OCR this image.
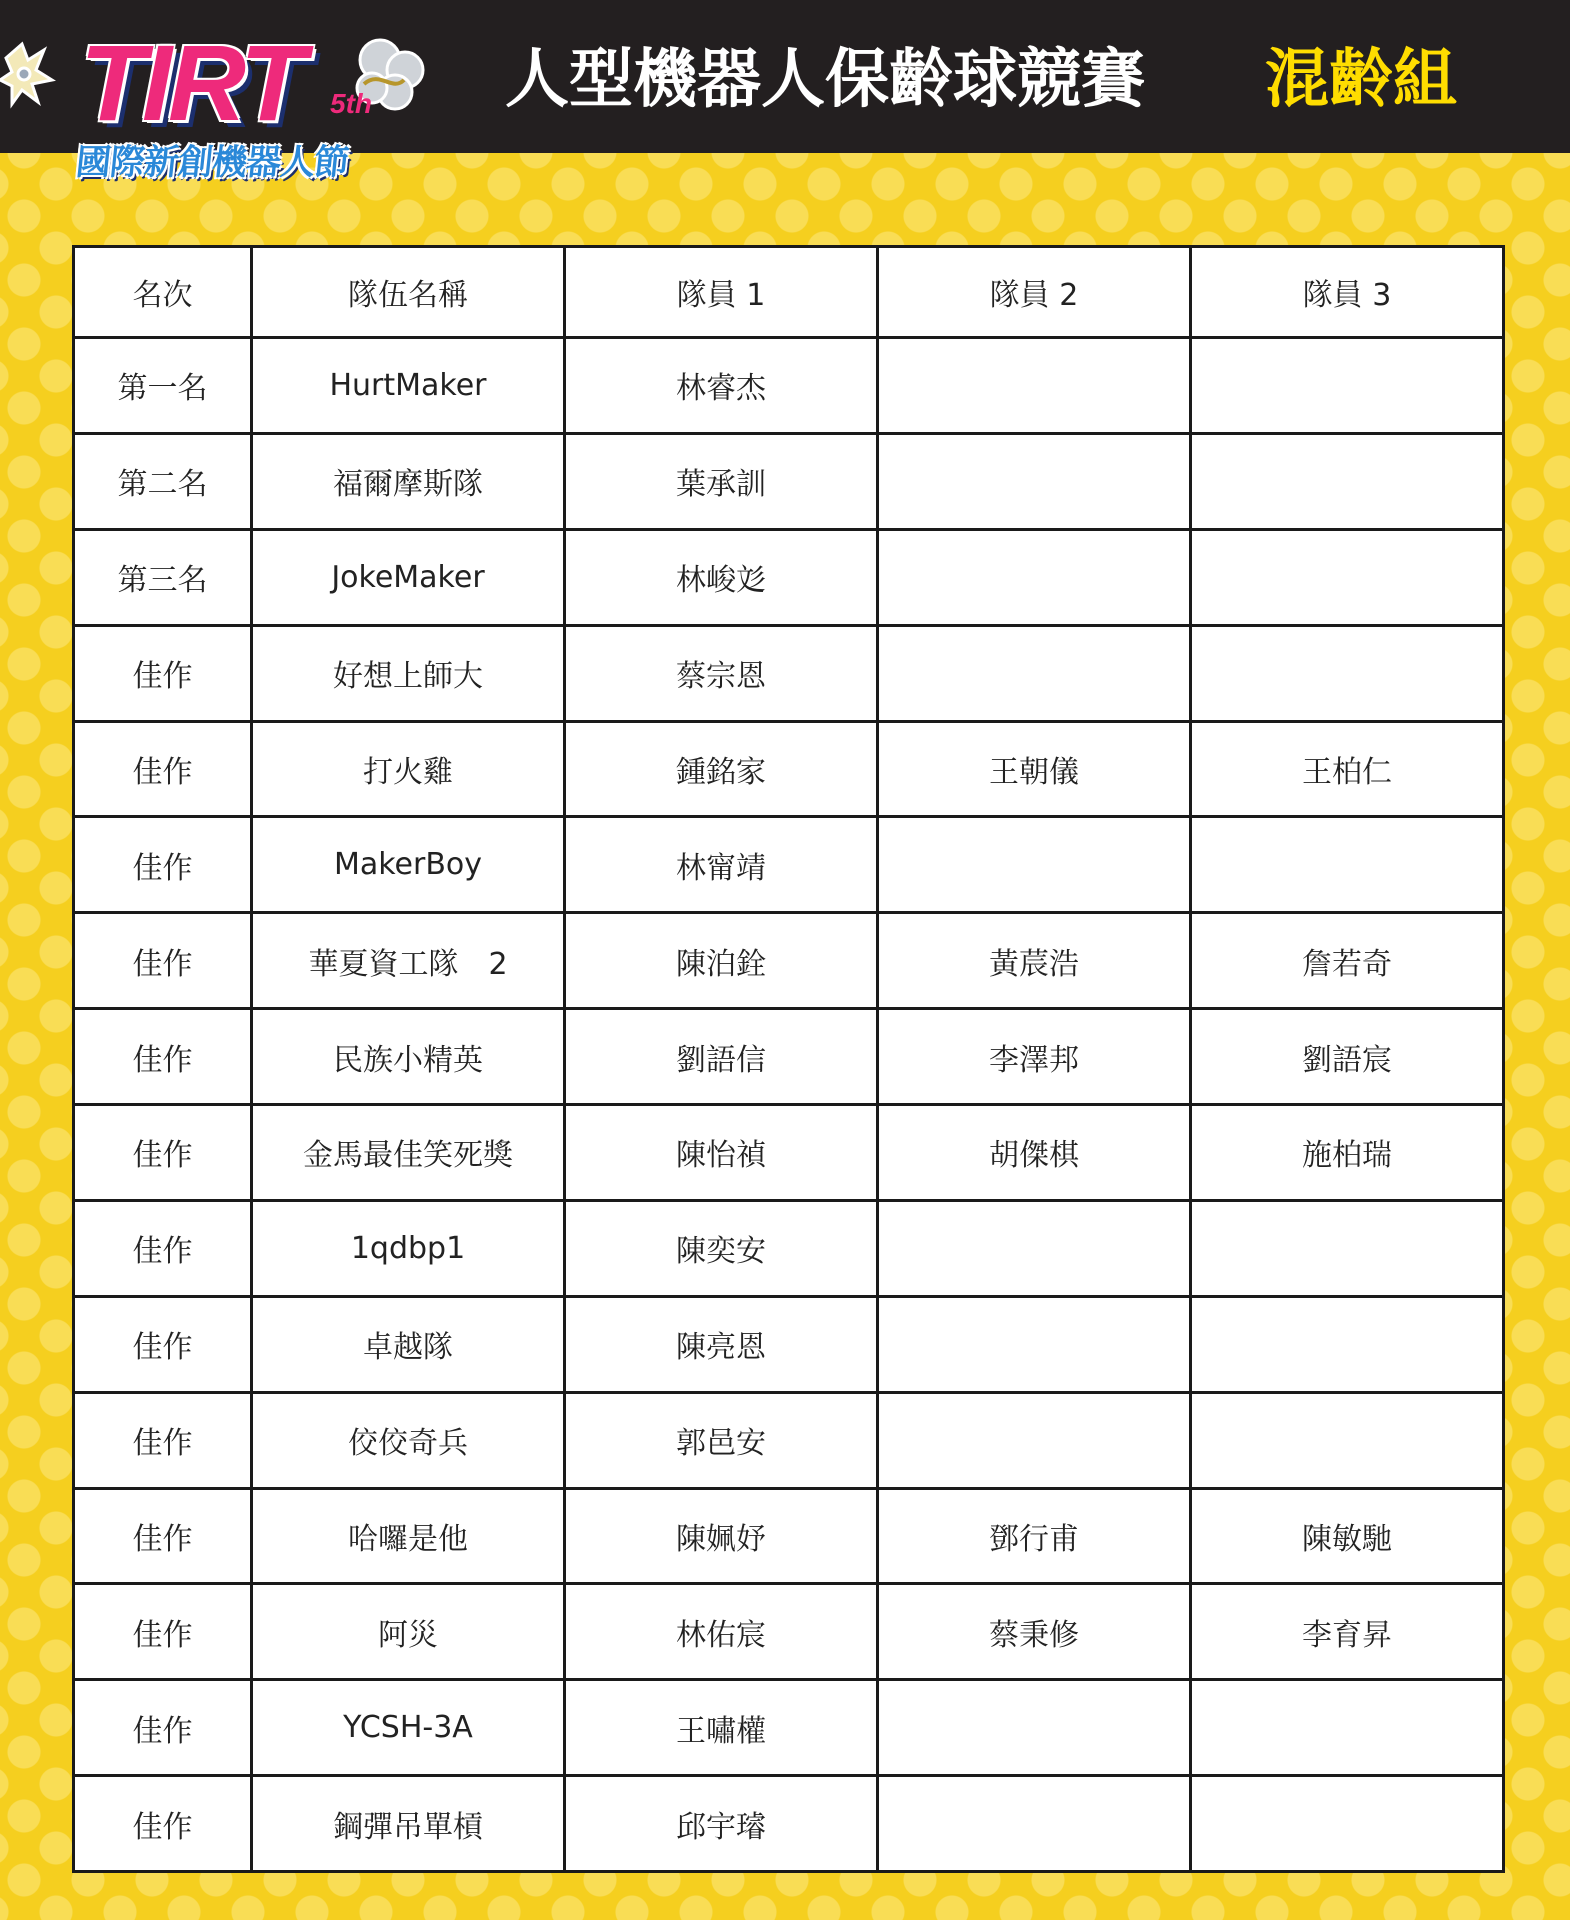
TIRT	5th
國際新創機器人節
人型機器人保齡球競賽 混齡組
名次	隊伍名稱	隊員 1	隊員 2	隊員 3
第一名	HurtMaker	林睿杰		
第二名	福爾摩斯隊	葉承訓		
第三名	JokeMaker	林峻彣		
佳作	好想上師大	蔡宗恩		
佳作	打火雞	鍾銘家	王朝儀	王柏仁
佳作	MakerBoy	林甯靖		
佳作	華夏資工隊　2	陳泊銓	黃莀浩	詹若奇
佳作	民族小精英	劉語信	李澤邦	劉語宸
佳作	金馬最佳笑死獎	陳怡禎	胡傑棋	施柏瑞
佳作	1qdbp1	陳奕安		
佳作	卓越隊	陳亮恩		
佳作	佼佼奇兵	郭邑安		
佳作	哈囉是他	陳姵妤	鄧行甫	陳敏馳
佳作	阿災	林佑宸	蔡秉修	李育昇
佳作	YCSH-3A	王嘯權		
佳作	鋼彈吊單槓	邱宇璿		
